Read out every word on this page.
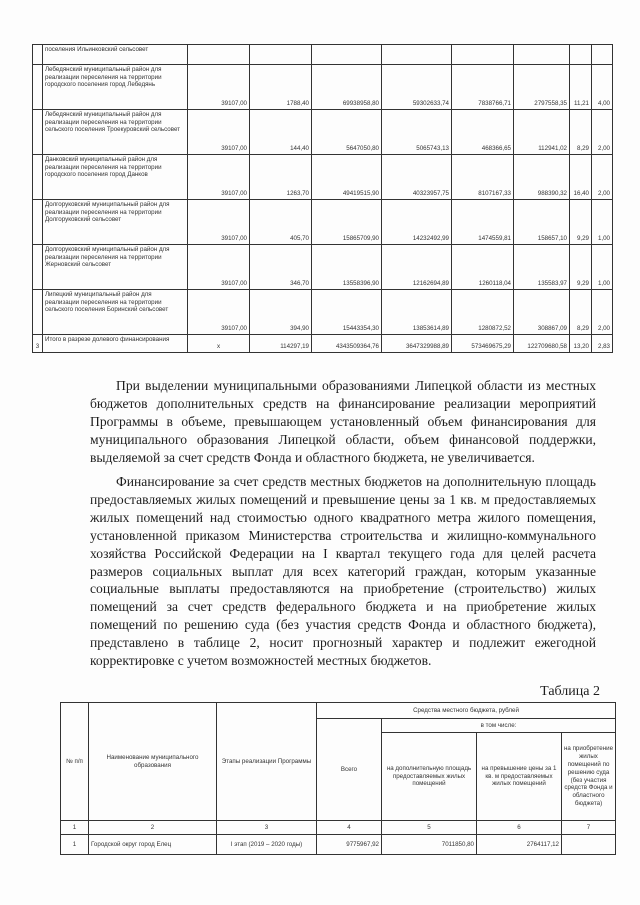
	поселения Ильинковский сельсовет								
	Лебедянский муниципальный район для реализации переселения на территории городского поселения город Лебедянь	39107,00	1788,40	69938958,80	59302633,74	7838766,71	2797558,35	11,21	4,00
	Лебедянский муниципальный район для реализации переселения на территории сельского поселения Троекуровский сельсовет	39107,00	144,40	5647050,80	5065743,13	468366,65	112941,02	8,29	2,00
	Данковский муниципальный район для реализации переселения на территории городского поселения город Данков	39107,00	1263,70	49419515,90	40323957,75	8107167,33	988390,32	16,40	2,00
	Долгоруковский муниципальный район для реализации переселения на территории Долгоруковский сельсовет	39107,00	405,70	15865709,90	14232492,99	1474559,81	158657,10	9,29	1,00
	Долгоруковский муниципальный район для реализации переселения на территории Жерновский сельсовет	39107,00	346,70	13558396,90	12162694,89	1260118,04	135583,97	9,29	1,00
	Липецкий муниципальный район для реализации переселения на территории сельского поселения Боринский сельсовет	39107,00	394,90	15443354,30	13853614,89	1280872,52	308867,09	8,29	2,00
3	Итого в разрезе долевого финансирования	х	114297,19	4343509364,76	3647329988,89	573469675,29	122709680,58	13,20	2,83

При выделении муниципальными образованиями Липецкой области из местных бюджетов дополнительных средств на финансирование реализации мероприятий Программы в объеме, превышающем установленный объем финансирования для муниципального образования Липецкой области, объем финансовой поддержки, выделяемой за счет средств Фонда и областного бюджета, не увеличивается.

Финансирование за счет средств местных бюджетов на дополнительную площадь предоставляемых жилых помещений и превышение цены за 1 кв. м предоставляемых жилых помещений над стоимостью одного квадратного метра жилого помещения, установленной приказом Министерства строительства и жилищно-коммунального хозяйства Российской Федерации на I квартал текущего года для целей расчета размеров социальных выплат для всех категорий граждан, которым указанные социальные выплаты предоставляются на приобретение (строительство) жилых помещений за счет средств федерального бюджета и на приобретение жилых помещений по решению суда (без участия средств Фонда и областного бюджета), представлено в таблице 2, носит прогнозный характер и подлежит ежегодной корректировке с учетом возможностей местных бюджетов.

Таблица 2
№ п/п	Наименование муниципального образования	Этапы реализации Программы	Средства местного бюджета, рублей			
			Всего	в том числе:		
				на дополнительную площадь предоставляемых жилых помещений	на превышение цены за 1 кв. м предоставляемых жилых помещений	на приобретение жилых помещений по решению суда (без участия средств Фонда и областного бюджета)
1	2	3	4	5	6	7
1	Городской округ город Елец	I этап (2019 – 2020 годы)	9775967,92	7011850,80	2764117,12	
